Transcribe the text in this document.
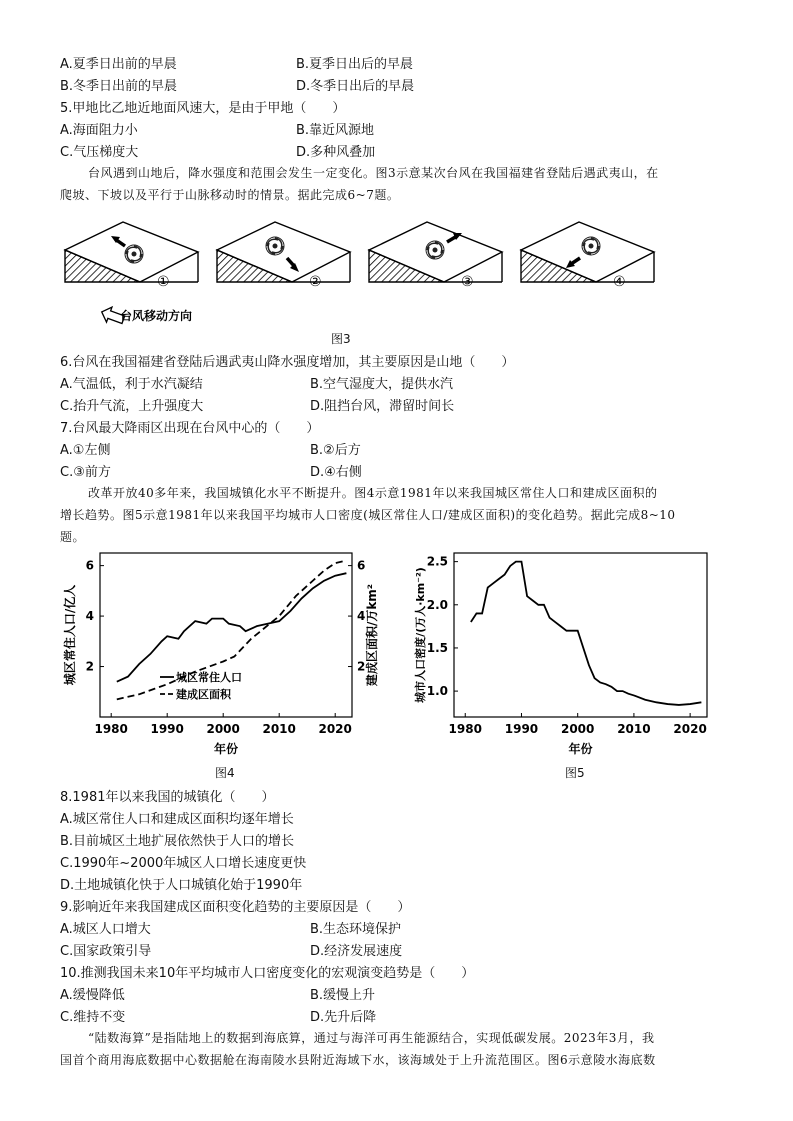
A.夏季日出前的早晨	B.夏季日出后的早晨
B.冬季日出前的早晨	D.冬季日出后的早晨
5.甲地比乙地近地面风速大，是由于甲地（　　）
A.海面阻力小	B.靠近风源地
C.气压梯度大	D.多种风叠加
台风遇到山地后，降水强度和范围会发生一定变化。图3示意某次台风在我国福建省登陆后遇武夷山，在
爬坡、下坡以及平行于山脉移动时的情景。据此完成6~7题。
①	②	③	④
台风移动方向
图3
6.台风在我国福建省登陆后遇武夷山降水强度增加，其主要原因是山地（　　）
A.气温低，利于水汽凝结	B.空气湿度大，提供水汽
C.抬升气流，上升强度大	D.阻挡台风，滞留时间长
7.台风最大降雨区出现在台风中心的（　　）
A.①左侧	B.②后方
C.③前方	D.④右侧
改革开放40多年来，我国城镇化水平不断提升。图4示意1981年以来我国城区常住人口和建成区面积的
增长趋势。图5示意1981年以来我国平均城市人口密度(城区常住人口/建成区面积)的变化趋势。据此完成8~10
题。
1980 1990 2000 2010 2020
2
4
6
2
4
6
年份
城区常住人口/亿人	建成区面积/万km²
城区常住人口
建成区面积
图4
1980 1990 2000 2010 2020
1.0
1.5
2.0
2.5
年份
城市人口密度/(万人·km⁻²)
图5
8.1981年以来我国的城镇化（　　）
A.城区常住人口和建成区面积均逐年增长
B.目前城区土地扩展依然快于人口的增长
C.1990年~2000年城区人口增长速度更快
D.土地城镇化快于人口城镇化始于1990年
9.影响近年来我国建成区面积变化趋势的主要原因是（　　）
A.城区人口增大	B.生态环境保护
C.国家政策引导	D.经济发展速度
10.推测我国未来10年平均城市人口密度变化的宏观演变趋势是（　　）
A.缓慢降低	B.缓慢上升
C.维持不变	D.先升后降
“陆数海算”是指陆地上的数据到海底算，通过与海洋可再生能源结合，实现低碳发展。2023年3月，我
国首个商用海底数据中心数据舱在海南陵水县附近海域下水，该海域处于上升流范围区。图6示意陵水海底数
